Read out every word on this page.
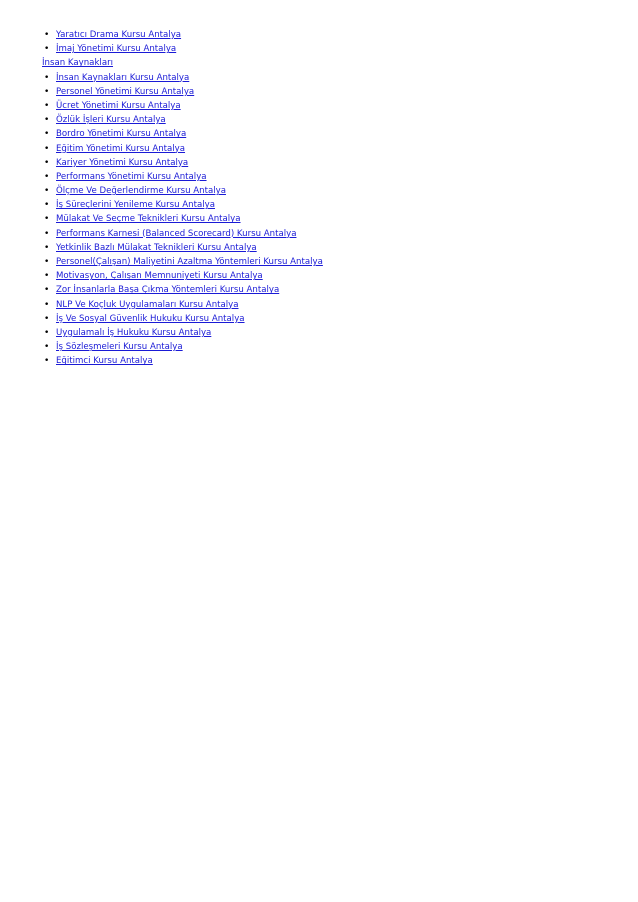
• Yaratıcı Drama Kursu Antalya
• İmaj Yönetimi Kursu Antalya
İnsan Kaynakları
• İnsan Kaynakları Kursu Antalya
• Personel Yönetimi Kursu Antalya
• Ücret Yönetimi Kursu Antalya
• Özlük İşleri Kursu Antalya
• Bordro Yönetimi Kursu Antalya
• Eğitim Yönetimi Kursu Antalya
• Kariyer Yönetimi Kursu Antalya
• Performans Yönetimi Kursu Antalya
• Ölçme Ve Değerlendirme Kursu Antalya
• İş Süreçlerini Yenileme Kursu Antalya
• Mülakat Ve Seçme Teknikleri Kursu Antalya
• Performans Karnesi (Balanced Scorecard) Kursu Antalya
• Yetkinlik Bazlı Mülakat Teknikleri Kursu Antalya
• Personel(Çalışan) Maliyetini Azaltma Yöntemleri Kursu Antalya
• Motivasyon, Çalışan Memnuniyeti Kursu Antalya
• Zor İnsanlarla Başa Çıkma Yöntemleri Kursu Antalya
• NLP Ve Koçluk Uygulamaları Kursu Antalya
• İş Ve Sosyal Güvenlik Hukuku Kursu Antalya
• Uygulamalı İş Hukuku Kursu Antalya
• İş Sözleşmeleri Kursu Antalya
• Eğitimci Kursu Antalya
